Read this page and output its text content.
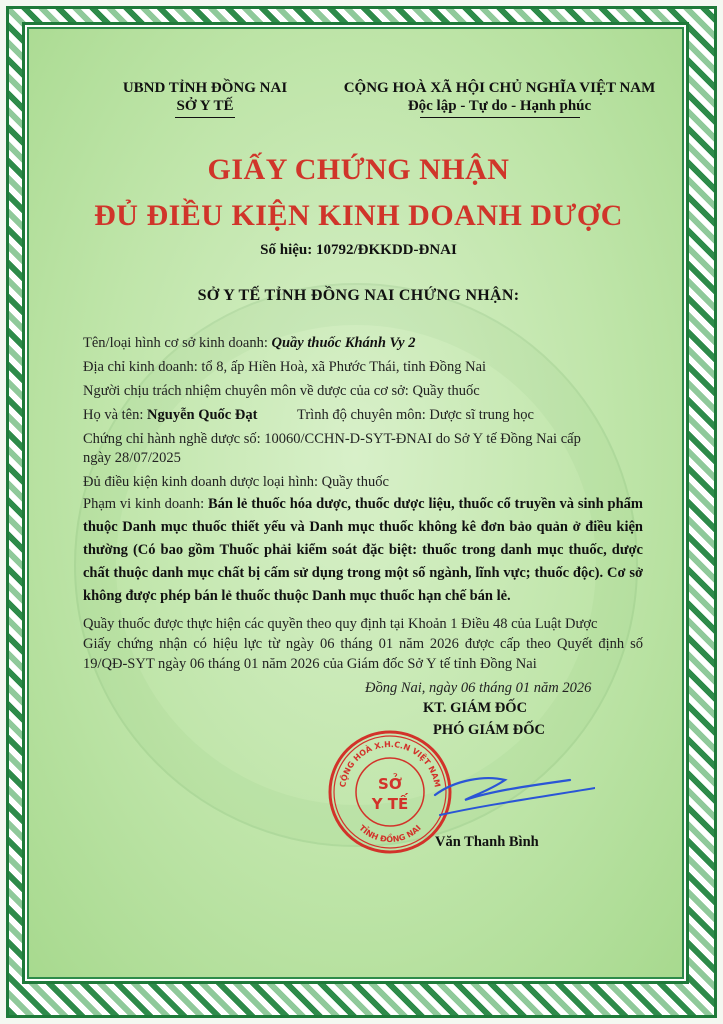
UBND TỈNH ĐỒNG NAI
SỞ Y TẾ
CỘNG HOÀ XÃ HỘI CHỦ NGHĨA VIỆT NAM
Độc lập - Tự do - Hạnh phúc
GIẤY CHỨNG NHẬN
ĐỦ ĐIỀU KIỆN KINH DOANH DƯỢC
Số hiệu: 10792/ĐKKDD-ĐNAI
SỞ Y TẾ TỈNH ĐỒNG NAI CHỨNG NHẬN:
Tên/loại hình cơ sở kinh doanh: Quầy thuốc Khánh Vy 2
Địa chỉ kinh doanh: tổ 8, ấp Hiền Hoà, xã Phước Thái, tỉnh Đồng Nai
Người chịu trách nhiệm chuyên môn về dược của cơ sở: Quầy thuốc
Họ và tên: Nguyễn Quốc Đạt	Trình độ chuyên môn: Dược sĩ trung học
Chứng chỉ hành nghề dược số: 10060/CCHN-D-SYT-ĐNAI do Sở Y tế Đồng Nai cấp
ngày 28/07/2025
Đủ điều kiện kinh doanh dược loại hình: Quầy thuốc
Phạm vi kinh doanh: Bán lẻ thuốc hóa dược, thuốc dược liệu, thuốc cổ truyền và sinh phẩm thuộc Danh mục thuốc thiết yếu và Danh mục thuốc không kê đơn bảo quản ở điều kiện thường (Có bao gồm Thuốc phải kiểm soát đặc biệt: thuốc trong danh mục thuốc, dược chất thuộc danh mục chất bị cấm sử dụng trong một số ngành, lĩnh vực; thuốc độc). Cơ sở không được phép bán lẻ thuốc thuộc Danh mục thuốc hạn chế bán lẻ.
Quầy thuốc được thực hiện các quyền theo quy định tại Khoản 1 Điều 48 của Luật Dược
Giấy chứng nhận có hiệu lực từ ngày 06 tháng 01 năm 2026 được cấp theo Quyết định số 19/QĐ-SYT ngày 06 tháng 01 năm 2026 của Giám đốc Sở Y tế tỉnh Đồng Nai
Đồng Nai, ngày 06 tháng 01 năm 2026
KT. GIÁM ĐỐC
PHÓ GIÁM ĐỐC
CỘNG HOÀ X.H.C.N VIỆT NAM
TỈNH ĐỒNG NAI
SỞ
Y TẾ
Văn Thanh Bình
